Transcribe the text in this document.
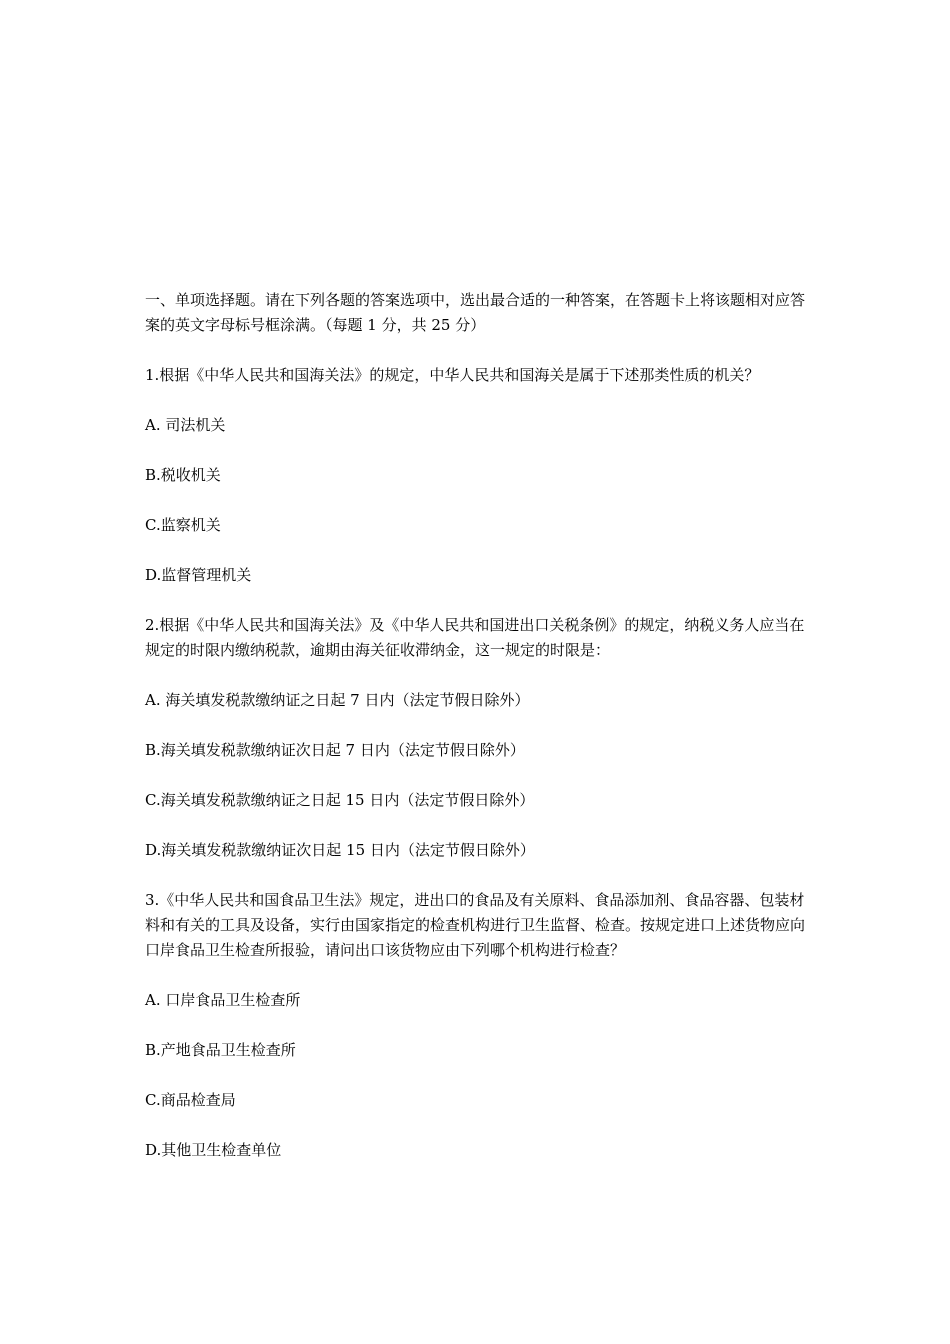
一、单项选择题。请在下列各题的答案选项中，选出最合适的一种答案，在答题卡上将该题相对应答案的英文字母标号框涂满。（每题 1 分，共 25 分）

1.根据《中华人民共和国海关法》的规定，中华人民共和国海关是属于下述那类性质的机关？

A. 司法机关

B.税收机关

C.监察机关

D.监督管理机关

2.根据《中华人民共和国海关法》及《中华人民共和国进出口关税条例》的规定，纳税义务人应当在规定的时限内缴纳税款，逾期由海关征收滞纳金，这一规定的时限是：

A. 海关填发税款缴纳证之日起 7 日内（法定节假日除外）

B.海关填发税款缴纳证次日起 7 日内（法定节假日除外）

C.海关填发税款缴纳证之日起 15 日内（法定节假日除外）

D.海关填发税款缴纳证次日起 15 日内（法定节假日除外）

3.《中华人民共和国食品卫生法》规定，进出口的食品及有关原料、食品添加剂、食品容器、包装材料和有关的工具及设备，实行由国家指定的检查机构进行卫生监督、检查。按规定进口上述货物应向口岸食品卫生检查所报验，请问出口该货物应由下列哪个机构进行检查？

A. 口岸食品卫生检查所

B.产地食品卫生检查所

C.商品检查局

D.其他卫生检查单位
